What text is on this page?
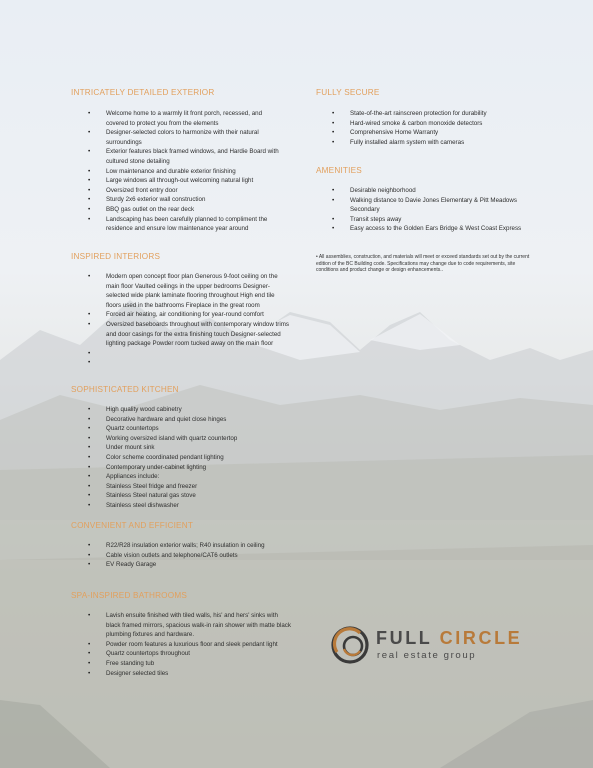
INTRICATELY DETAILED EXTERIOR
• Welcome home to a warmly lit front porch, recessed, and covered to protect you from the elements
• Designer-selected colors to harmonize with their natural surroundings
• Exterior features black framed windows, and Hardie Board with cultured stone detailing
• Low maintenance and durable exterior finishing
• Large windows all through-out welcoming natural light
• Oversized front entry door
• Sturdy 2x6 exterior wall construction
• BBQ gas outlet on the rear deck
• Landscaping has been carefully planned to compliment the residence and ensure low maintenance year around
INSPIRED INTERIORS
• Modern open concept floor plan Generous 9-foot ceiling on the main floor Vaulted ceilings in the upper bedrooms Designer-selected wide plank laminate flooring throughout High end tile floors used in the bathrooms Fireplace in the great room
• Forced air heating, air conditioning for year-round comfort
• Oversized baseboards throughout with contemporary window trims and door casings for the extra finishing touch Designer-selected lighting package Powder room tucked away on the main floor
•
•
SOPHISTICATED KITCHEN
• High quality wood cabinetry
• Decorative hardware and quiet close hinges
• Quartz countertops
• Working oversized island with quartz countertop
• Under mount sink
• Color scheme coordinated pendant lighting
• Contemporary under-cabinet lighting
• Appliances include:
• Stainless Steel fridge and freezer
• Stainless Steel natural gas stove
• Stainless steel dishwasher
CONVENIENT AND EFFICIENT
• R22/R28 insulation exterior walls; R40 insulation in ceiling
• Cable vision outlets and telephone/CAT6 outlets
• EV Ready Garage
SPA-INSPIRED BATHROOMS
• Lavish ensuite finished with tiled walls, his' and hers' sinks with black framed mirrors, spacious walk-in rain shower with matte black plumbing fixtures and hardware.
• Powder room features a luxurious floor and sleek pendant light
• Quartz countertops throughout
• Free standing tub
• Designer selected tiles
FULLY SECURE
• State-of-the-art rainscreen protection for durability
• Hard-wired smoke & carbon monoxide detectors
• Comprehensive Home Warranty
• Fully installed alarm system with cameras
AMENITIES
• Desirable neighborhood
• Walking distance to Davie Jones Elementary & Pitt Meadows Secondary
• Transit steps away
• Easy access to the Golden Ears Bridge & West Coast Express
• All assemblies, construction, and materials will meet or exceed standards set out by the current edition of the BC Building code. Specifications may change due to code requirements, site conditions and product change or design enhancements..
FULL CIRCLE
real estate group
